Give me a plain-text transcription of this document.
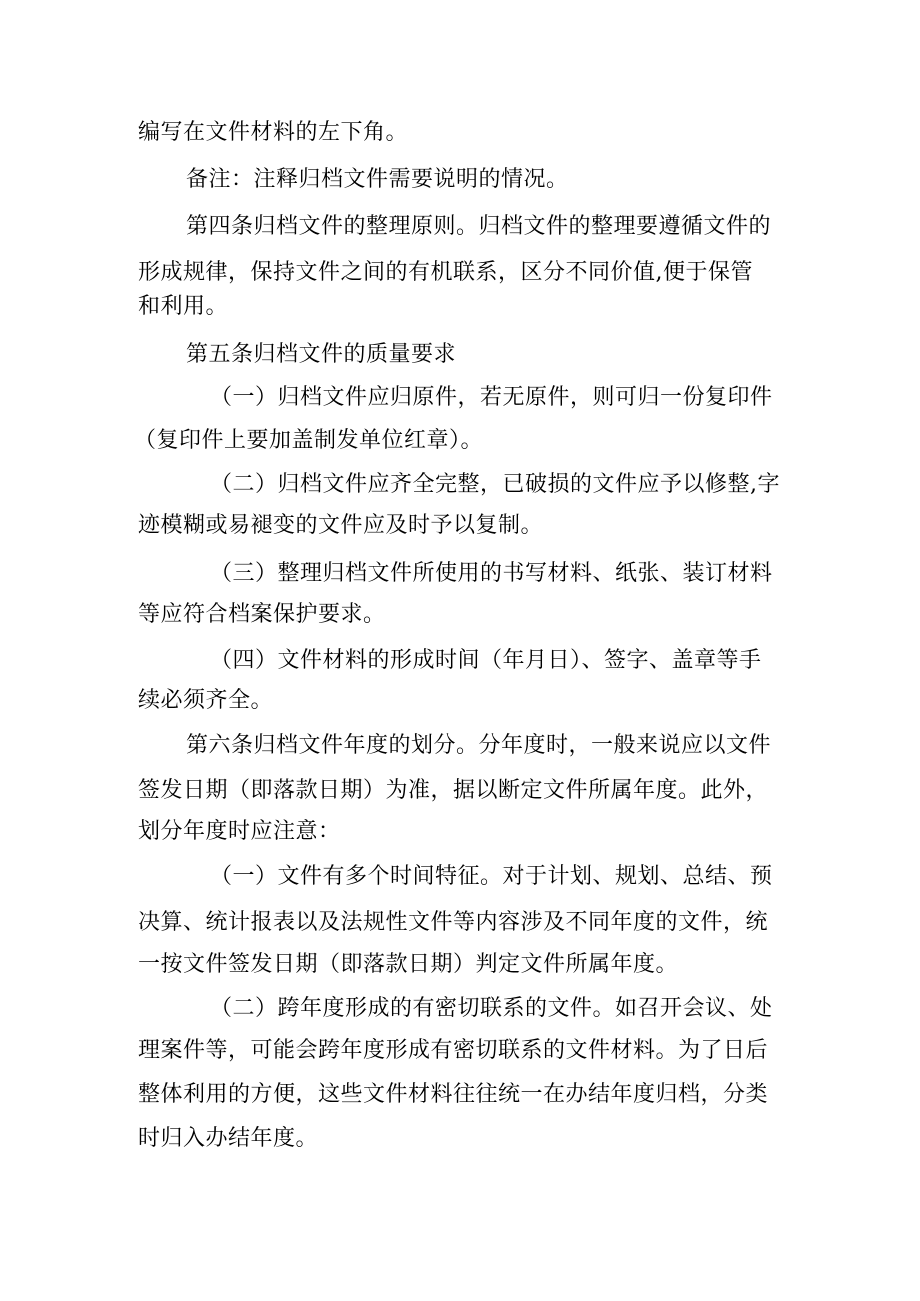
编写在文件材料的左下角。
备注：注释归档文件需要说明的情况。
第四条归档文件的整理原则。归档文件的整理要遵循文件的
形成规律，保持文件之间的有机联系，区分不同价值,便于保管
和利用。
第五条归档文件的质量要求
（一）归档文件应归原件，若无原件，则可归一份复印件
（复印件上要加盖制发单位红章）。
（二）归档文件应齐全完整，已破损的文件应予以修整,字
迹模糊或易褪变的文件应及时予以复制。
（三）整理归档文件所使用的书写材料、纸张、装订材料
等应符合档案保护要求。
（四）文件材料的形成时间（年月日）、签字、盖章等手
续必须齐全。
第六条归档文件年度的划分。分年度时，一般来说应以文件
签发日期（即落款日期）为准，据以断定文件所属年度。此外，
划分年度时应注意：
（一）文件有多个时间特征。对于计划、规划、总结、预
决算、统计报表以及法规性文件等内容涉及不同年度的文件，统
一按文件签发日期（即落款日期）判定文件所属年度。
（二）跨年度形成的有密切联系的文件。如召开会议、处
理案件等，可能会跨年度形成有密切联系的文件材料。为了日后
整体利用的方便，这些文件材料往往统一在办结年度归档，分类
时归入办结年度。
